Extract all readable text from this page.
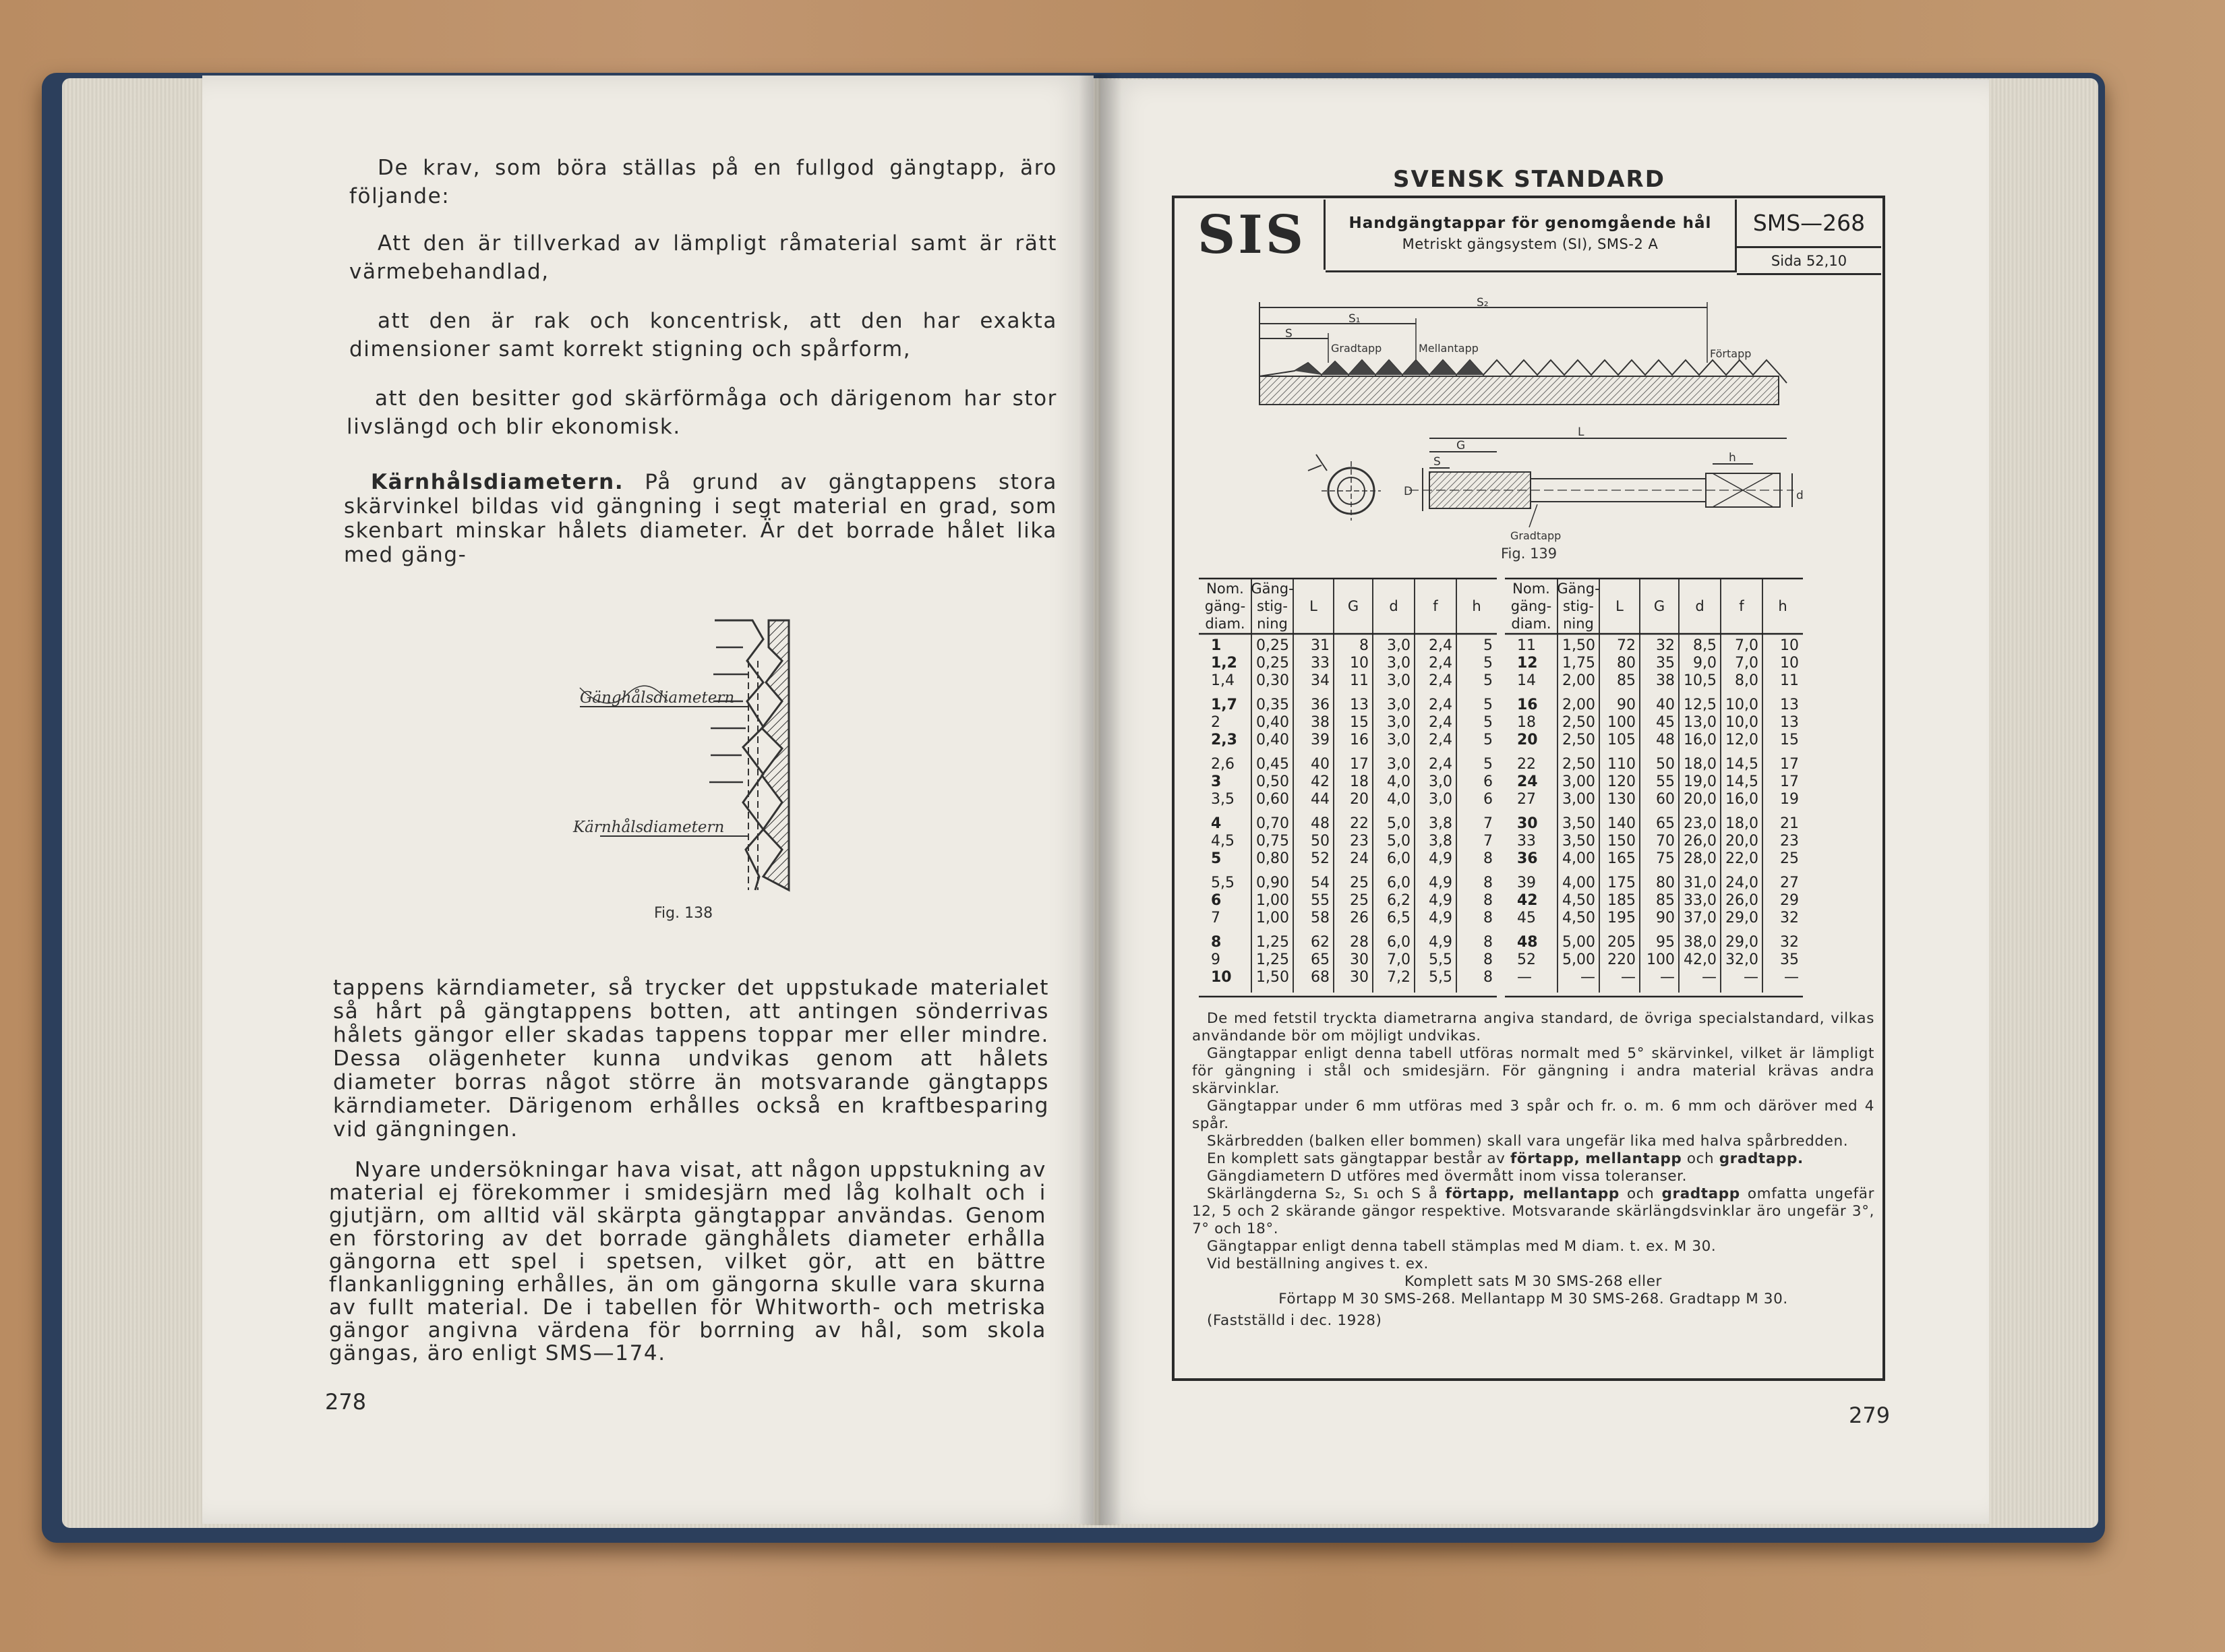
De krav, som böra ställas på en fullgod gängtapp, äro följande:

Att den är tillverkad av lämpligt råmaterial samt är rätt värmebehandlad,

att den är rak och koncentrisk, att den har exakta dimensioner samt korrekt stigning och spårform,

att den besitter god skärförmåga och därigenom har stor livslängd och blir ekonomisk.

Kärnhålsdiametern. På grund av gängtappens stora skärvinkel bildas vid gängning i segt material en grad, som skenbart minskar hålets diameter. Är det borrade hålet lika med gäng-

Gänghålsdiametern
Kärnhålsdiametern
Fig. 138

tappens kärndiameter, så trycker det uppstukade materialet så hårt på gängtappens botten, att antingen sönderrivas hålets gängor eller skadas tappens toppar mer eller mindre. Dessa olägenheter kunna undvikas genom att hålets diameter borras något större än motsvarande gängtapps kärndiameter. Därigenom erhålles också en kraftbesparing vid gängningen.

Nyare undersökningar hava visat, att någon uppstukning av material ej förekommer i smidesjärn med låg kolhalt och i gjutjärn, om alltid väl skärpta gängtappar användas. Genom en förstoring av det borrade gänghålets diameter erhålla gängorna ett spel i spetsen, vilket gör, att en bättre flankanliggning erhålles, än om gängorna skulle vara skurna av fullt material. De i tabellen för Whitworth- och metriska gängor angivna värdena för borrning av hål, som skola gängas, äro enligt SMS—174.

278
SVENSK STANDARD
SIS	Handgängtappar för genomgående hål
Metriskt gängsystem (SI), SMS-2 A
SMS—268
Sida 52,10
S₂
S₁
S
Gradtapp	Mellantapp	Förtapp
L
G
S	h
D	d
Gradtapp
Fig. 139
Nom.
gäng-
diam.
Gäng-
stig-
ning
L G d f h
1 0,25 31 8 3,0 2,4 5
1,2 0,25 33 10 3,0 2,4 5
1,4 0,30 34 11 3,0 2,4 5
1,7 0,35 36 13 3,0 2,4 5
2 0,40 38 15 3,0 2,4 5
2,3 0,40 39 16 3,0 2,4 5
2,6 0,45 40 17 3,0 2,4 5
3 0,50 42 18 4,0 3,0 6
3,5 0,60 44 20 4,0 3,0 6
4 0,70 48 22 5,0 3,8 7
4,5 0,75 50 23 5,0 3,8 7
5 0,80 52 24 6,0 4,9 8
5,5 0,90 54 25 6,0 4,9 8
6 1,00 55 25 6,2 4,9 8
7 1,00 58 26 6,5 4,9 8
8 1,25 62 28 6,0 4,9 8
9 1,25 65 30 7,0 5,5 8
10 1,50 68 30 7,2 5,5 8
Nom.
gäng-
diam.
Gäng-
stig-
ning
L G d f h
11 1,50 72 32 8,5 7,0 10
12 1,75 80 35 9,0 7,0 10
14 2,00 85 38 10,5 8,0 11
16 2,00 90 40 12,5 10,0 13
18 2,50 100 45 13,0 10,0 13
20 2,50 105 48 16,0 12,0 15
22 2,50 110 50 18,0 14,5 17
24 3,00 120 55 19,0 14,5 17
27 3,00 130 60 20,0 16,0 19
30 3,50 140 65 23,0 18,0 21
33 3,50 150 70 26,0 20,0 23
36 4,00 165 75 28,0 22,0 25
39 4,00 175 80 31,0 24,0 27
42 4,50 185 85 33,0 26,0 29
45 4,50 195 90 37,0 29,0 32
48 5,00 205 95 38,0 29,0 32
52 5,00 220 100 42,0 32,0 35
—	— — — — — —

De med fetstil tryckta diametrarna angiva standard, de övriga specialstandard, vilkas användande bör om möjligt undvikas.

Gängtappar enligt denna tabell utföras normalt med 5° skärvinkel, vilket är lämpligt för gängning i stål och smidesjärn. För gängning i andra material krävas andra skärvinklar.

Gängtappar under 6 mm utföras med 3 spår och fr. o. m. 6 mm och däröver med 4 spår.

Skärbredden (balken eller bommen) skall vara ungefär lika med halva spårbredden.

En komplett sats gängtappar består av förtapp, mellantapp och gradtapp.

Gängdiametern D utföres med övermått inom vissa toleranser.

Skärlängderna S₂, S₁ och S å förtapp, mellantapp och gradtapp omfatta ungefär 12, 5 och 2 skärande gängor respektive. Motsvarande skärlängdsvinklar äro ungefär 3°, 7° och 18°.

Gängtappar enligt denna tabell stämplas med M diam. t. ex. M 30.

Vid beställning angives t. ex.

Komplett sats M 30 SMS-268 eller

Förtapp M 30 SMS-268. Mellantapp M 30 SMS-268. Gradtapp M 30.

(Fastställd i dec. 1928)

279
